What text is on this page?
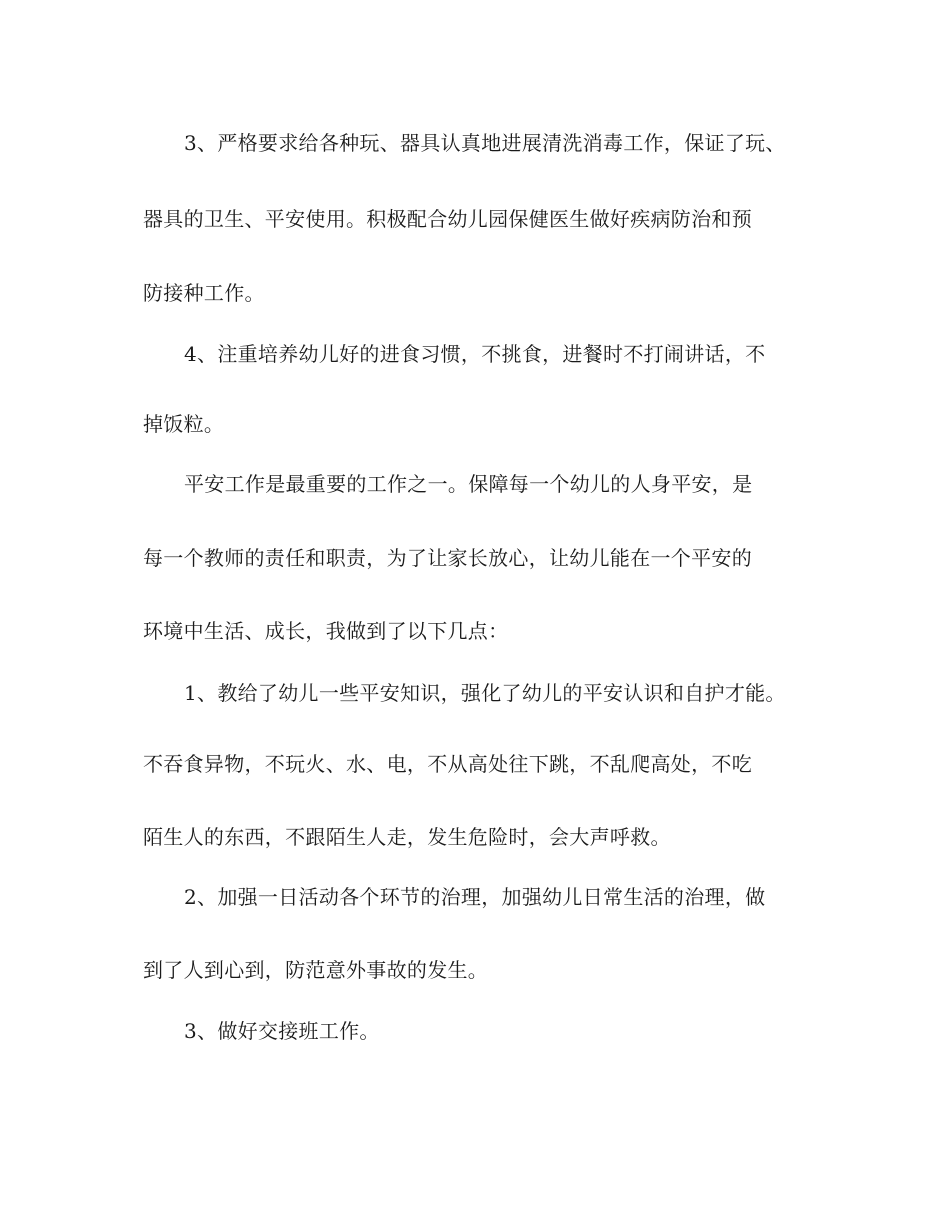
3、严格要求给各种玩、器具认真地进展清洗消毒工作，保证了玩、
器具的卫生、平安使用。积极配合幼儿园保健医生做好疾病防治和预
防接种工作。
4、注重培养幼儿好的进食习惯，不挑食，进餐时不打闹讲话，不
掉饭粒。
平安工作是最重要的工作之一。保障每一个幼儿的人身平安，是
每一个教师的责任和职责，为了让家长放心，让幼儿能在一个平安的
环境中生活、成长，我做到了以下几点：
1、教给了幼儿一些平安知识，强化了幼儿的平安认识和自护才能。
不吞食异物，不玩火、水、电，不从高处往下跳，不乱爬高处，不吃
陌生人的东西，不跟陌生人走，发生危险时，会大声呼救。
2、加强一日活动各个环节的治理，加强幼儿日常生活的治理，做
到了人到心到，防范意外事故的发生。
3、做好交接班工作。
